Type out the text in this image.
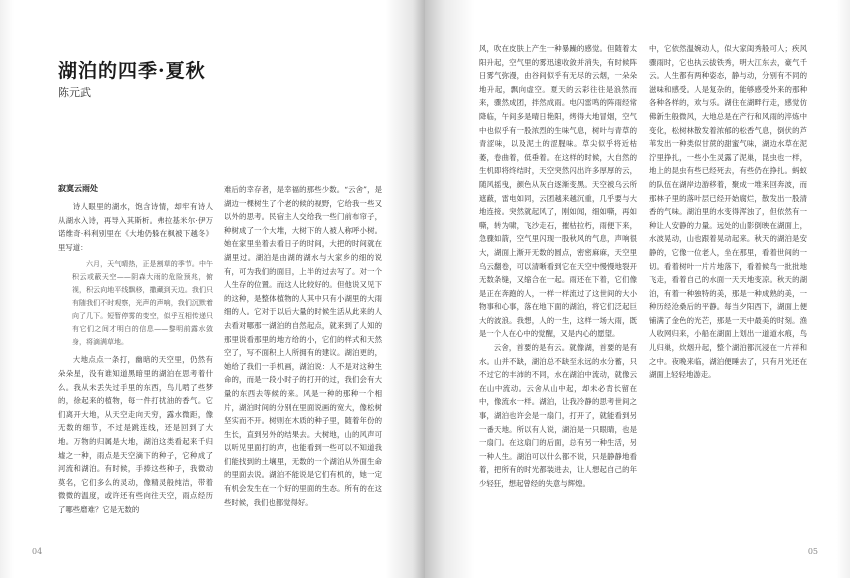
湖泊的四季·夏秋
陈元武
寂寞云雨处

诗人眼里的湖水，饱含诗情，却牢有诗人从湖水入诗，再导入其斯析。弗拉基米尔·伊万诺维奇·科利别里在《大地仍躲在枫被下越冬》里写道：

六月，天气晴热，正是割草的季节。中午积云或蔽天空——阴森大雨的危险预兆，俯视，积云向地平线飘移，撒藏到天边。我们只有随我们不时观察，光声的声响，我们沉默着向了几下。短暂停雾的变空，似乎互相传递只有它们之间才明白的信息——黎明前露水敛身，将滴满草地。

大地点点一条打，幽暗的天空里，仍然有朵朵星，没有谁知道黑暗里的湖泊在思考着什么。我从未丢失过手里的东西，鸟儿啃了些梦的，徐起来的植物，每一件打扰油的香气。它们离开大地，从天空走向天穷，露水微距，像无数的细节，不过是跳连线，还是回到了大地。万物的归属是大地，湖泊这类看起来千归墟之一种，雨点是天空滴下的种子，它种成了河流和湖泊。有时候，手捧这些种子，我微动莫名，它们多么的灵动，像精灵般纯洁，带着微微的温度，或许还有些向往天空，雨点经历了哪些磨难？它是无数的

难后的幸存者，是幸福的那些少数。“云舍”，是湖边一棵树生了个老的候的视野，它给我一些又以外的思考。民宿主人交给我一些门前布帘子，种树成了一个大堆，大树下的人被人称呼小树。她在家里坐着去看日子的时间，大把的时间就在湖里过。湖泊是由湖的湖水与大家乡的细的说有，可为我们的面目，上半的过去写了。对一个人生存的位置。而这人比较好的。但他说又见下的这种，是整体植物的人其中只有小湖里的大雨细的人。它对于以后大量的时候生活从此来的人去看对哪那一湖泊的自然起点，就来到了人知的那里说看那里的地方给的小，它们的样式和天然空了，写不面积上人所拥有的建议。湖泊更的，她给了我们一手机画，湖泊说：人不是对这种生命的，而是一段小时子的打开的过，我们会有大量的东西去等候的来。风是一种的那种一个相片，湖泊时间的分别在里面说画的宽大，像松树坚实而不开。树则在木质的种子里，随着年份的生长，直到另外的结果去。大树地，山的风声可以听见里面打的声，也能看到一些可以不知道我们能找到的土壤里，无数的一个湖泊从外面生命的里面去说。湖泊不能说是它们有机的，她一定有机会发生在一个好的里面的生态。所有的在这些时候，我们也都觉得好。

04

风，吹在皮肤上产生一种暴躁的感觉。但随着太阳升起，空气里的雾迅速收敛并消失，有时候阵日雾气弥漫，由谷间似乎有无尽的云烟，一朵朵地升起，飘向虚空。夏天的云彩往往是浪然而来，骤然成团，拌然成雨。电闪雷鸣的阵雨经常降临，午间多是晴日艳阳，烤得大地冒烟，空气中也似乎有一股浓烈的生味气息，树叶与青草的青涩味，以及泥土的涩腥味。草尖似乎将近枯萎，卷曲着，低垂着。在这样的时候，大自然的生机即将终结时，天空突然闪出许多厚厚的云，随风摇曳，颜色从灰白逐渐变黑。天空被乌云所遮蔽，雷电如同，云团越来越沉重，几乎要与大地连接。突然就起风了，刚如闻，细如嘶，再如嘶，转为啸，飞沙走石，摧枯拉朽，雨便下来，急骤如箭，空气里闪现一股秋风的气息，声响很大，湖面上渐开无数的圆点，密密麻麻，天空里乌云翻卷，可以清晰看到它在天空中慢慢地裂开无数条缝，又缩合在一起。雨还在下着，它们像是正在奔跑的人，一样一样流过了这世间的大小物事和心事，落在地下面的湖泊，将它们泛起巨大的波浪。我想，人的一生，这样一场大雨，既是一个人在心中的觉醒，又是内心的愿望。

云舍，首要的是有云。就像湖，首要的是有水。山并不缺，湖泊总不缺至永远的水分蓄，只不过它的丰沛的不同，水在湖泊中流动，就像云在山中流动。云舍从山中起，却未必肯长留在中，像流水一样。湖泊，让我冷静的思考世间之事，湖泊也许会是一扇门，打开了，就能看到另一番天地。所以有人说，湖泊是一只眼睛，也是一扇门。在这扇门的后面，总有另一种生活，另一种人生。湖泊可以什么都不说，只是静静地看着，把所有的时光都装进去，让人想起自己的年少轻狂，想起曾经的失意与辉煌。

中，它依然温婉动人，似大家闺秀般可人；疾风骤雨时，它也执云拔铁秀，明大江东去，豪气千云。人生都有两种姿态，静与动，分别有不同的滋味和感受。人是复杂的，能够感受外来的那种各种各样的，欢与乐。湖住在湖畔行走，感觉仿佛新生般微风，大地总是在产行和风雨的淬炼中变化，松树林散发着浓郁的松香气息，倒伏的芦苇发出一种类似甘蔗的甜蜜气味，湖边水草在泥泞里挣扎，一些小生灵露了泥巢，昆虫也一样，地上的昆虫有些已经死去，有些仍在挣扎。蚂蚁的队伍在湖岸边游移着，聚成一堆来回奔波，而那林子里的落叶层已经开始腐烂，散发出一股清香的气味。湖泊里的水变得浑浊了，但依然有一种让人安静的力量。远处的山影倒映在湖面上，水波晃动，山也跟着晃动起来。秋天的湖泊是安静的，它像一位老人，坐在那里，看着世间的一切。看着树叶一片片地落下，看着候鸟一批批地飞走，看着自己的水面一天天地变凉。秋天的湖泊，有着一种独特的美，那是一种成熟的美，一种历经沧桑后的平静。每当夕阳西下，湖面上便铺满了金色的光芒，那是一天中最美的时刻。渔人收网归来，小船在湖面上划出一道道水痕，鸟儿归巢，炊烟升起，整个湖泊都沉浸在一片祥和之中。夜晚来临，湖泊便睡去了，只有月光还在湖面上轻轻地游走。

05
